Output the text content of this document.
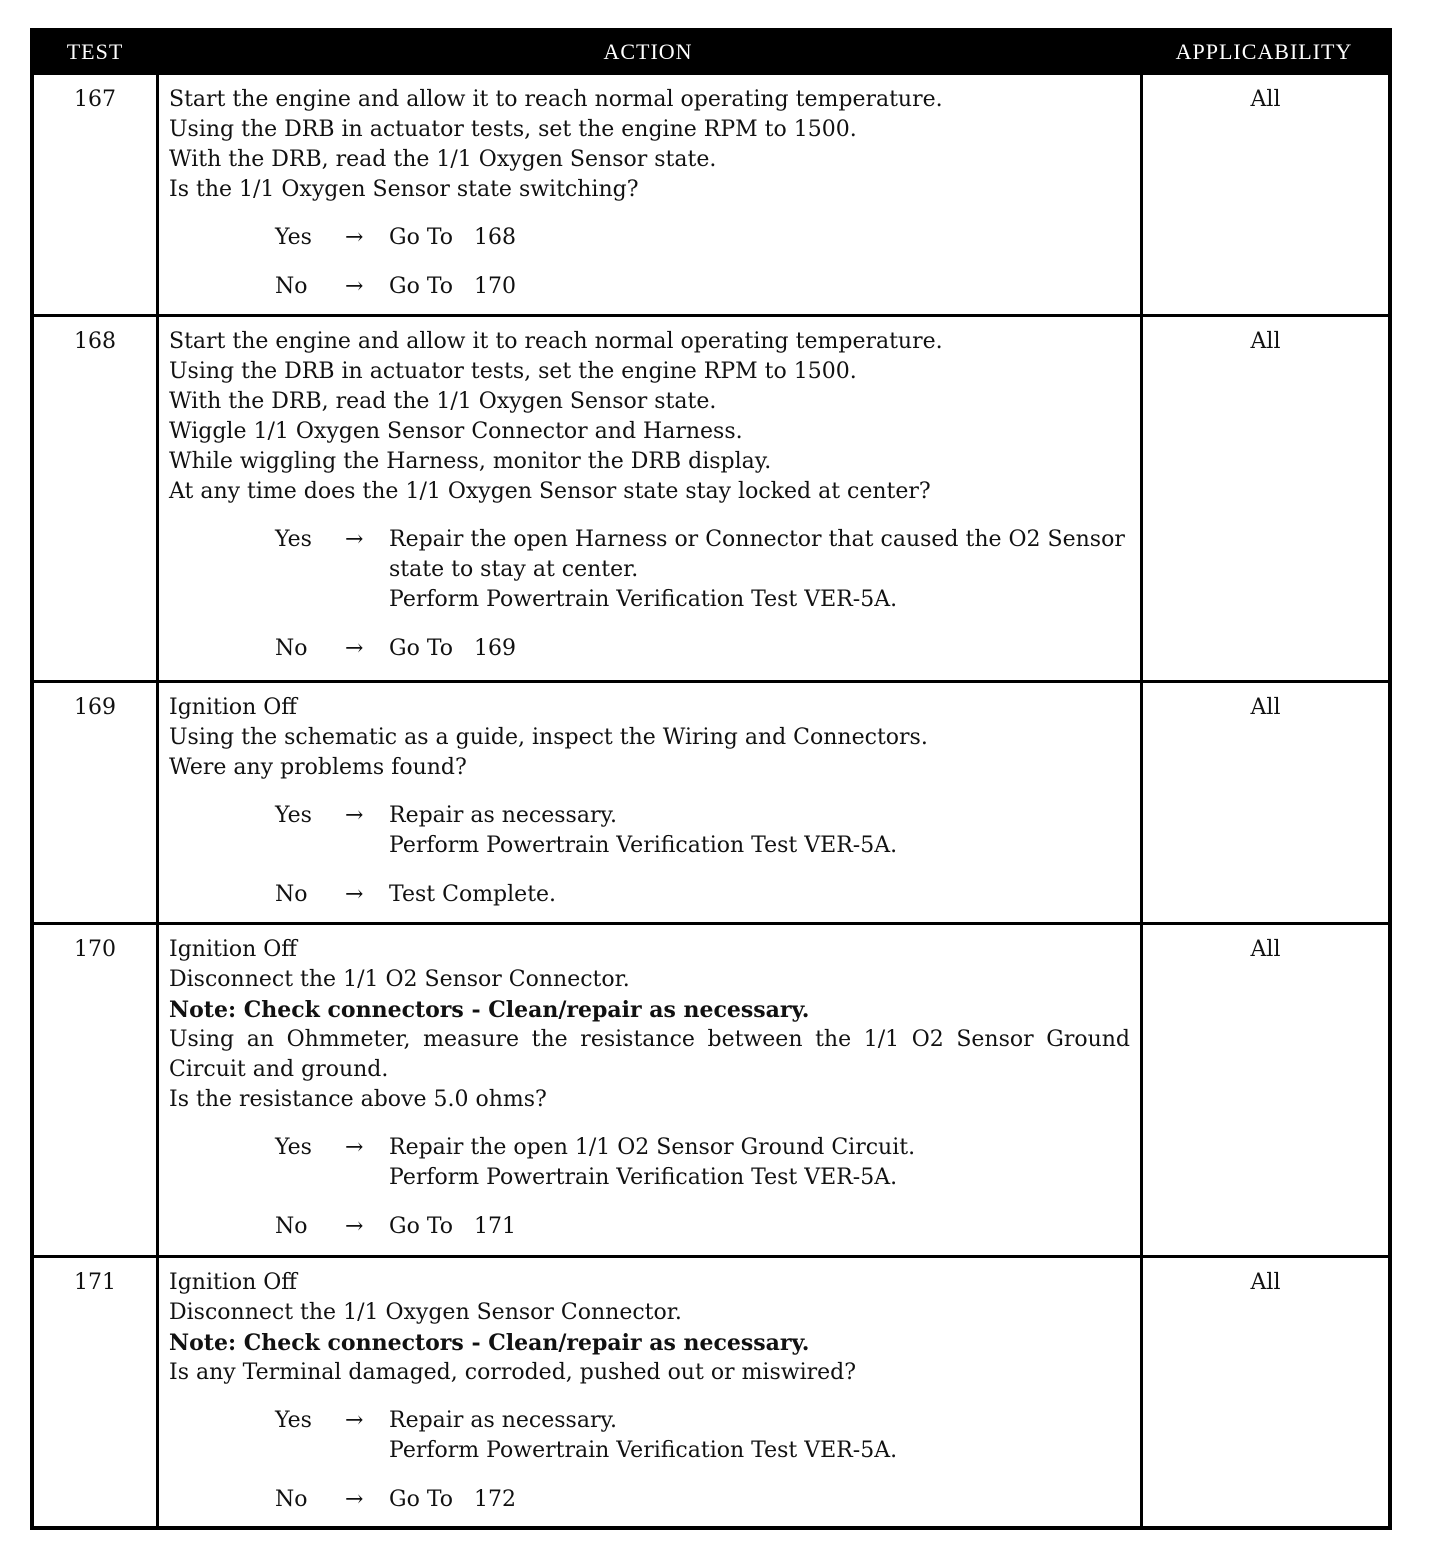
TEST	ACTION	APPLICABILITY
167	Start the engine and allow it to reach normal operating temperature.

Using the DRB in actuator tests, set the engine RPM to 1500.

With the DRB, read the 1/1 Oxygen Sensor state.

Is the 1/1 Oxygen Sensor state switching?

Yes	→	Go To   168

No	→	Go To   170

All
168	Start the engine and allow it to reach normal operating temperature.

Using the DRB in actuator tests, set the engine RPM to 1500.

With the DRB, read the 1/1 Oxygen Sensor state.

Wiggle 1/1 Oxygen Sensor Connector and Harness.

While wiggling the Harness, monitor the DRB display.

At any time does the 1/1 Oxygen Sensor state stay locked at center?

Yes	→	Repair the open Harness or Connector that caused the O2 Sensor state to stay at center.

Perform Powertrain Verification Test VER-5A.

No	→	Go To   169

All
169	Ignition Off

Using the schematic as a guide, inspect the Wiring and Connectors.

Were any problems found?

Yes	→	Repair as necessary.

Perform Powertrain Verification Test VER-5A.

No	→	Test Complete.

All
170	Ignition Off

Disconnect the 1/1 O2 Sensor Connector.

Note: Check connectors - Clean/repair as necessary.

Using an Ohmmeter, measure the resistance between the 1/1 O2 Sensor Ground Circuit and ground.

Is the resistance above 5.0 ohms?

Yes	→	Repair the open 1/1 O2 Sensor Ground Circuit.

Perform Powertrain Verification Test VER-5A.

No	→	Go To   171

All
171	Ignition Off

Disconnect the 1/1 Oxygen Sensor Connector.

Note: Check connectors - Clean/repair as necessary.

Is any Terminal damaged, corroded, pushed out or miswired?

Yes	→	Repair as necessary.

Perform Powertrain Verification Test VER-5A.

No	→	Go To   172

All
